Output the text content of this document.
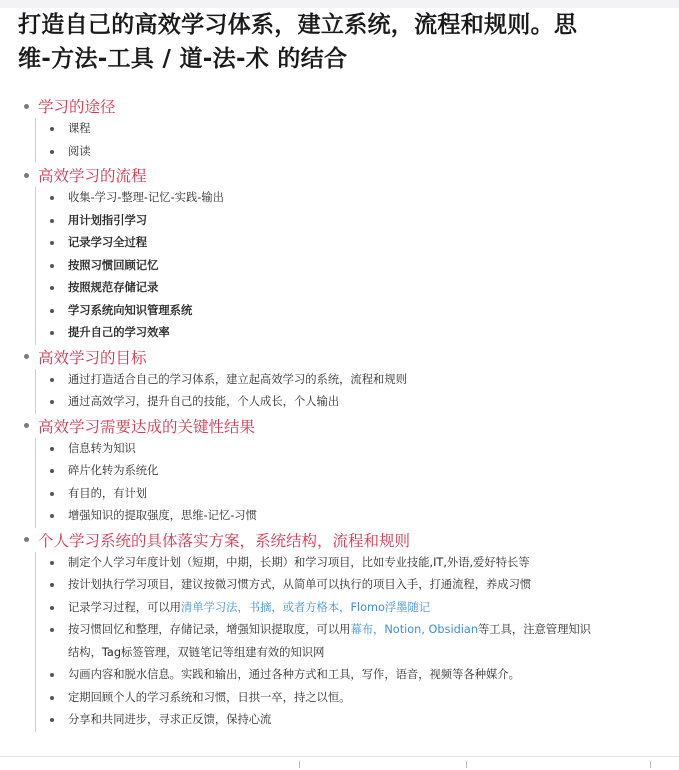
打造自己的高效学习体系，建立系统，流程和规则。思维-方法-工具 / 道-法-术 的结合
学习的途径
课程
阅读
高效学习的流程
收集-学习-整理-记忆-实践-输出
用计划指引学习
记录学习全过程
按照习惯回顾记忆
按照规范存储记录
学习系统向知识管理系统
提升自己的学习效率
高效学习的目标
通过打造适合自己的学习体系，建立起高效学习的系统，流程和规则
通过高效学习，提升自己的技能，个人成长，个人输出
高效学习需要达成的关键性结果
信息转为知识
碎片化转为系统化
有目的，有计划
增强知识的提取强度，思维-记忆-习惯
个人学习系统的具体落实方案，系统结构，流程和规则
制定个人学习年度计划（短期，中期，长期）和学习项目，比如专业技能,IT,外语,爱好特长等
按计划执行学习项目，建议按微习惯方式，从简单可以执行的项目入手，打通流程，养成习惯
记录学习过程，可以用清单学习法，书摘，或者方格本，Flomo浮墨随记
按习惯回忆和整理，存储记录，增强知识提取度，可以用幕布，Notion, Obsidian等工具，注意管理知识结构，Tag标签管理，双链笔记等组建有效的知识网
勾画内容和脱水信息。实践和输出，通过各种方式和工具，写作，语音，视频等各种媒介。
定期回顾个人的学习系统和习惯，日拱一卒，持之以恒。
分享和共同进步，寻求正反馈，保持心流
